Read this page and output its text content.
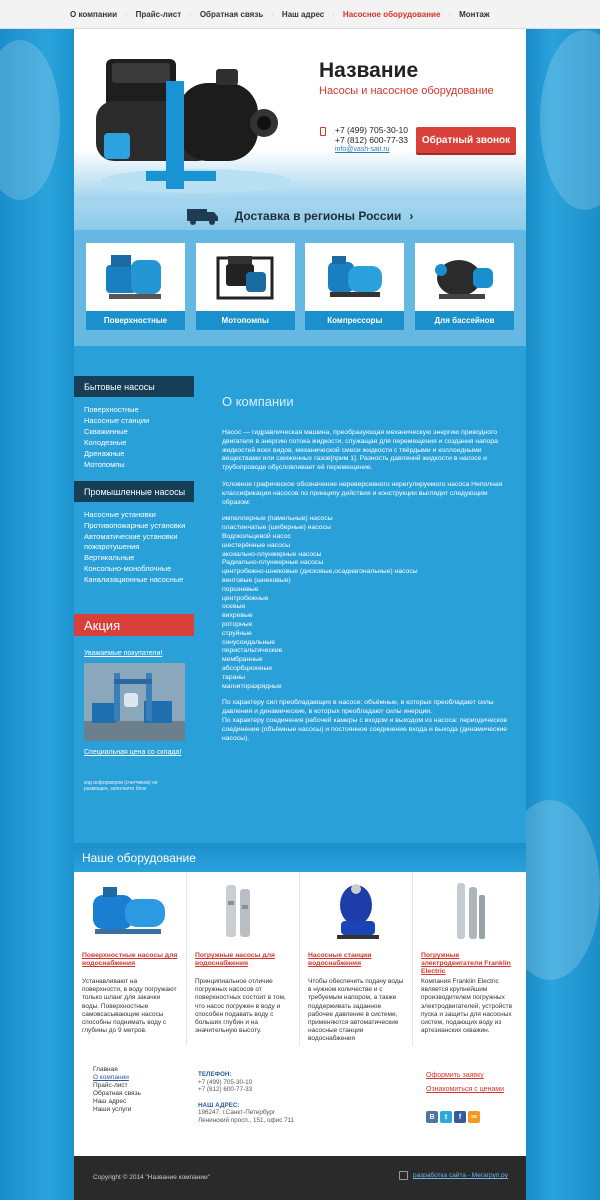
О компании · Прайс-лист · Обратная связь · Наш адрес · Насосное оборудование · Монтаж
Название
Насосы и насосное оборудование
+7 (499) 705-30-10
+7 (812) 600-77-33
info@vash-sait.ru
Обратный звонок
Доставка в регионы России ›
Поверхностные	Мотопомпы	Компрессоры	Для бассейнов
Бытовые насосы
Поверхностные
Насосные станции
Скважинные
Колодезные
Дренажные
Мотопомпы
Промышленные насосы
Насосные установки
Противопожарные установки
Автоматические установки пожаротушения
Вертикальные
Консольно-моноблочные
Канализационные насосные
Акция
Уважаемые покупатели!
Специальная цена со склада!
код информеров (счетчиков) не размещен, заполните блок
О компании
Насос — гидравлическая машина, преобразующая механическую энергию приводного двигателя в энергию потока жидкости, служащая для перемещения и создания напора жидкостей всех видов, механической смеси жидкости с твёрдыми и коллоидными веществами или сжиженных газов[прим 1]. Разность давлений жидкости в насосе и трубопроводе обусловливает её перемещение.
Условное графическое обозначение нереверсивного нерегулируемого насоса Неполная классификация насосов по принципу действия и конструкции выглядит следующим образом:
импеллерные (памельные) насосы
пластинчатые (шиберные) насосы
Водокольцевой насос
шестерённые насосы
аксиально-плунжерные насосы
Радиально-плунжерные насосы
центробежно-шнековые (дисковые,осадиагональные) насосы
винтовые (шнековые)
поршневые
центробежные
осевые
вихревые
роторные
струйные
синусоидальные
перистальтические
мембранные
абсорбционные
тараны
магниторазрядные
По характеру сил преобладающих в насосе: объёмные, в которых преобладают силы давления и динамические, в которых преобладают силы инерции.
По характеру соединения рабочей камеры с входом и выходом из насоса: периодическое соединение (объёмные насосы) и постоянное соединение входа и выхода (динамические насосы).
Наше оборудование
Поверхностные насосы для водоснабжения
Устанавливают на поверхности, в воду погружают только шланг для закачки воды. Поверхностные самовсасывающие насосы способны поднимать воду с глубины до 9 метров.
Погружные насосы для водоснабжения
Принципиальное отличие погружных насосов от поверхностных состоит в том, что насос погружен в воду и способен подавать воду с больших глубин и на значительную высоту.
Насосные станции водоснабжения
Чтобы обеспечить подачу воды в нужном количестве и с требуемым напором, а также поддерживать заданное рабочее давление в системе, применяются автоматические насосные станции водоснабжения
Погружные электродвигатели Franklin Electric
Компания Franklin Electric является крупнейшим производителем погружных электродвигателей, устройств пуска и защиты для насосных систем, подающих воду из артезианских скважин.
Главная
О компании
Прайс-лист
Обратная связь
Наш адрес
Наши услуги
ТЕЛЕФОН:
+7 (499) 705-30-10
+7 (812) 600-77-33
НАШ АДРЕС:
196247, г.Санкт-Петербург
Ленинский просп., 151, офис 711
Оформить заявку
Ознакомиться с ценами
В	t	f	ок
Copyright © 2014 "Название компании"	разработка сайта - Мегагруп.ру
